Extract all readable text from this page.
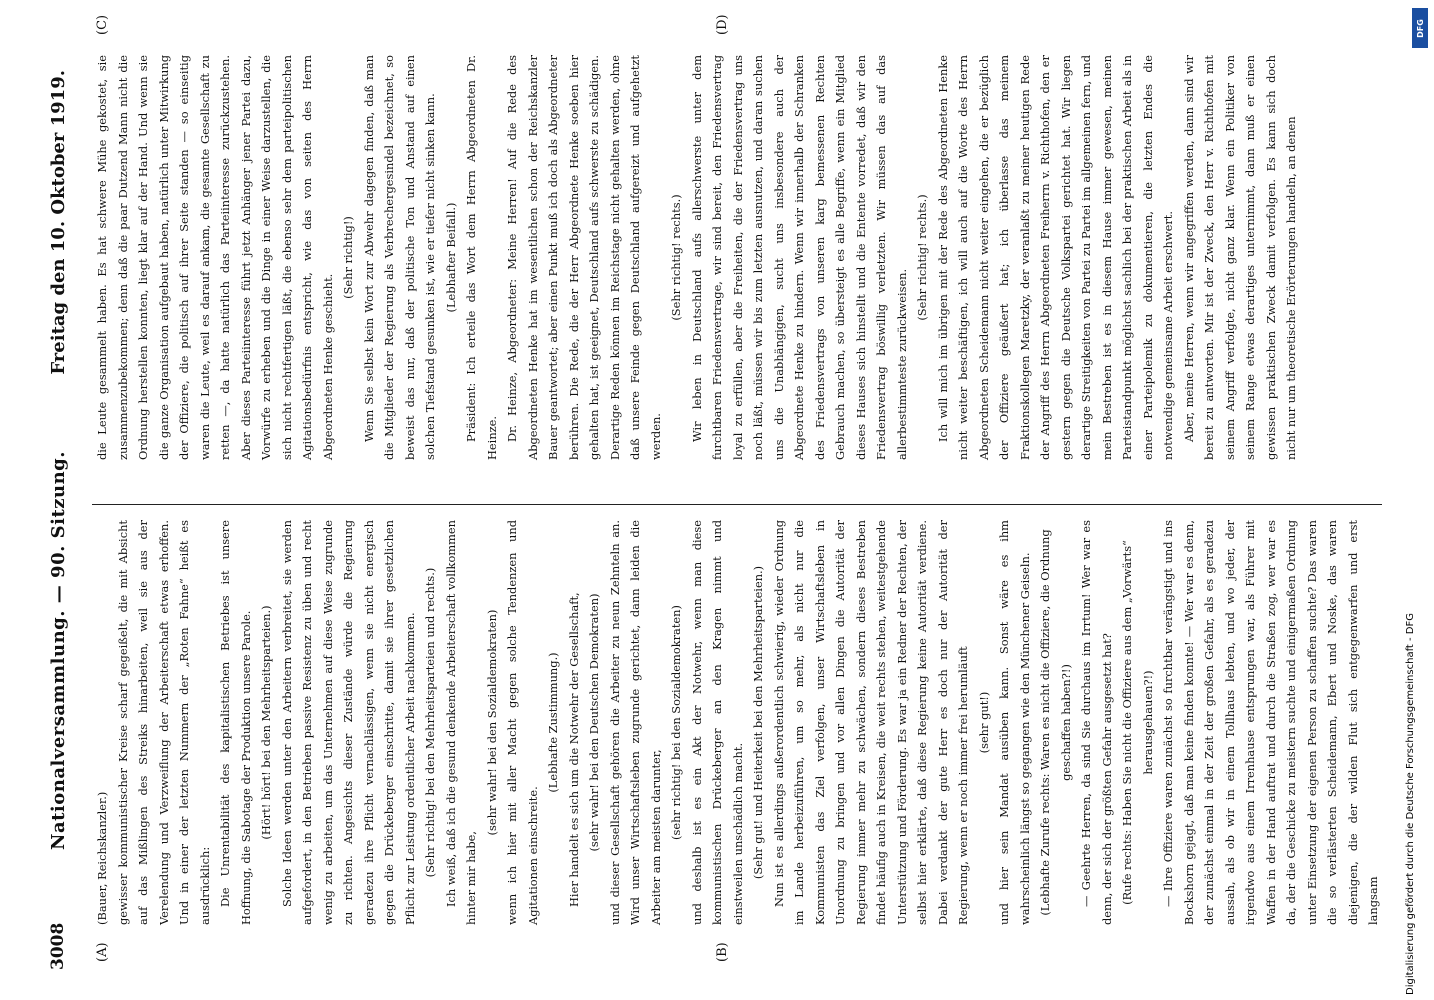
3008
Nationalversammlung. — 90. Sitzung.
Freitag den 10. Oktober 1919.
(A)	(B)
(C)	(D)

(Bauer, Reichskanzler.) gewisser kommunistischer Kreise scharf gegeißelt, die mit Absicht auf das Mißlingen des Streiks hinarbeiten, weil sie aus der Verelendung und Verzweiflung der Arbeiterschaft etwas erhoffen. Und in einer der letzten Nummern der „Roten Fahne“ heißt es ausdrücklich: Die Unrentabilität des kapitalistischen Betriebes ist unsere Hoffnung, die Sabotage der Produktion unsere Parole. (Hört! hört! bei den Mehrheitsparteien.) Solche Ideen werden unter den Arbeitern verbreitet, sie werden aufgefordert, in den Betrieben passive Resistenz zu üben und recht wenig zu arbeiten, um das Unternehmen auf diese Weise zugrunde zu richten. Angesichts dieser Zustände würde die Regierung geradezu ihre Pflicht vernachlässigen, wenn sie nicht energisch gegen die Drückeberger einschritte, damit sie ihrer gesetzlichen Pflicht zur Leistung ordentlicher Arbeit nachkommen. (Sehr richtig! bei den Mehrheitsparteien und rechts.) Ich weiß, daß ich die gesund denkende Arbeiterschaft vollkommen hinter mir habe,

(sehr wahr! bei den Sozialdemokraten) wenn ich hier mit aller Macht gegen solche Tendenzen und Agitationen einschreite.

(Lebhafte Zustimmung.) Hier handelt es sich um die Notwehr der Gesellschaft, (sehr wahr! bei den Deutschen Demokraten) und dieser Gesellschaft gehören die Arbeiter zu neun Zehnteln an. Wird unser Wirtschaftsleben zugrunde gerichtet, dann leiden die Arbeiter am meisten darunter, (sehr richtig! bei den Sozialdemokraten) und deshalb ist es ein Akt der Notwehr, wenn man diese kommunistischen Drückeberger an den Kragen nimmt und einstweilen unschädlich macht. (Sehr gut! und Heiterkeit bei den Mehrheitsparteien.) Nun ist es allerdings außerordentlich schwierig, wieder Ordnung im Lande herbeizuführen, um so mehr, als nicht nur die Kommunisten das Ziel verfolgen, unser Wirtschaftsleben in Unordnung zu bringen und vor allen Dingen die Autorität der Regierung immer mehr zu schwächen, sondern dieses Bestreben findet häufig auch in Kreisen, die weit rechts stehen, weitestgehende Unterstützung und Förderung. Es war ja ein Redner der Rechten, der selbst hier erklärte, daß diese Regierung keine Autorität verdiene. Dabei verdankt der gute Herr es doch nur der Autorität der Regierung, wenn er noch immer frei herumläuft (sehr gut!) und hier sein Mandat ausüben kann. Sonst wäre es ihm wahrscheinlich längst so gegangen wie den Münchener Geiseln. (Lebhafte Zurufe rechts: Waren es nicht die Offiziere, die Ordnung geschaffen haben?!) — Geehrte Herren, da sind Sie durchaus im Irrtum! Wer war es denn, der sich der größten Gefahr ausgesetzt hat? (Rufe rechts: Haben Sie nicht die Offiziere aus dem „Vorwärts“ herausgehauen?!) — Ihre Offiziere waren zunächst so furchtbar verängstigt und ins Bockshorn gejagt, daß man keine finden konnte! — Wer war es denn, der zunächst einmal in der Zeit der großen Gefahr, als es geradezu aussah, als ob wir in einem Tollhaus lebten, und wo jeder, der irgendwo aus einem Irrenhause entsprungen war, als Führer mit Waffen in der Hand auftrat und durch die Straßen zog, wer war es da, der die Geschicke zu meistern suchte und einigermaßen Ordnung unter Einsetzung der eigenen Person zu schaffen suchte? Das waren die so verlästerten Scheidemann, Ebert und Noske, das waren diejenigen, die der wilden Flut sich entgegenwarfen und erst langsam

die Leute gesammelt haben. Es hat schwere Mühe gekostet, sie zusammenzubekommen; denn daß die paar Dutzend Mann nicht die Ordnung herstellen konnten, liegt klar auf der Hand. Und wenn sie die ganze Organisation aufgebaut haben, natürlich unter Mitwirkung der Offiziere, die politisch auf ihrer Seite standen — so einseitig waren die Leute, weil es darauf ankam, die gesamte Gesellschaft zu retten —, da hatte natürlich das Parteiinteresse zurückzustehen. Aber dieses Parteiinteresse führt jetzt Anhänger jener Partei dazu, Vorwürfe zu erheben und die Dinge in einer Weise darzustellen, die sich nicht rechtfertigen läßt, die ebenso sehr dem parteipolitischen Agitationsbedürfnis entspricht, wie das von seiten des Herrn Abgeordneten Henke geschieht.

(Sehr richtig!) Wenn Sie selbst kein Wort zur Abwehr dagegen finden, daß man die Mitglieder der Regierung als Verbrechergesindel bezeichnet, so beweist das nur, daß der politische Ton und Anstand auf einen solchen Tiefstand gesunken ist, wie er tiefer nicht sinken kann. (Lebhafter Beifall.) Präsident: Ich erteile das Wort dem Herrn Abgeordneten Dr. Heinze. Dr. Heinze, Abgeordneter: Meine Herren! Auf die Rede des Abgeordneten Henke hat im wesentlichen schon der Reichskanzler Bauer geantwortet; aber einen Punkt muß ich doch als Abgeordneter berühren. Die Rede, die der Herr Abgeordnete Henke soeben hier gehalten hat, ist geeignet, Deutschland aufs schwerste zu schädigen. Derartige Reden können im Reichstage nicht gehalten werden, ohne daß unsere Feinde gegen Deutschland aufgereizt und aufgehetzt werden.

(Sehr richtig! rechts.) Wir leben in Deutschland aufs allerschwerste unter dem furchtbaren Friedensvertrage, wir sind bereit, den Friedensvertrag loyal zu erfüllen, aber die Freiheiten, die der Friedensvertrag uns noch läßt, müssen wir bis zum letzten ausnutzen, und daran suchen uns die Unabhängigen, sucht uns insbesondere auch der Abgeordnete Henke zu hindern. Wenn wir innerhalb der Schranken des Friedensvertrags von unseren karg bemessenen Rechten Gebrauch machen, so übersteigt es alle Begriffe, wenn ein Mitglied dieses Hauses sich hinstellt und die Entente vorredet, daß wir den Friedensvertrag böswillig verletzten. Wir müssen das auf das allerbestimmteste zurückweisen.

(Sehr richtig! rechts.) Ich will mich im übrigen mit der Rede des Abgeordneten Henke nicht weiter beschäftigen, ich will auch auf die Worte des Herrn Abgeordneten Scheidemann nicht weiter eingehen, die er bezüglich der Offiziere geäußert hat; ich überlasse das meinem Fraktionskollegen Maretzky, der veranlaßt zu meiner heutigen Rede der Angriff des Herrn Abgeordneten Freiherrn v. Richthofen, den er gestern gegen die Deutsche Volkspartei gerichtet hat. Wir liegen derartige Streitigkeiten von Partei zu Partei im allgemeinen fern, und mein Bestreben ist es in diesem Hause immer gewesen, meinen Parteistandpunkt möglichst sachlich bei der praktischen Arbeit als in einer Parteipolemik zu dokumentieren, die letzten Endes die notwendige gemeinsame Arbeit erschwert. Aber, meine Herren, wenn wir angegriffen werden, dann sind wir bereit zu antworten. Mir ist der Zweck, den Herr v. Richthofen mit seinem Angriff verfolgte, nicht ganz klar. Wenn ein Politiker von seinem Range etwas derartiges unternimmt, dann muß er einen gewissen praktischen Zweck damit verfolgen. Es kann sich doch nicht nur um theoretische Erörterungen handeln, an denen

DFG
Digitalisierung gefördert durch die Deutsche Forschungsgemeinschaft - DFG
